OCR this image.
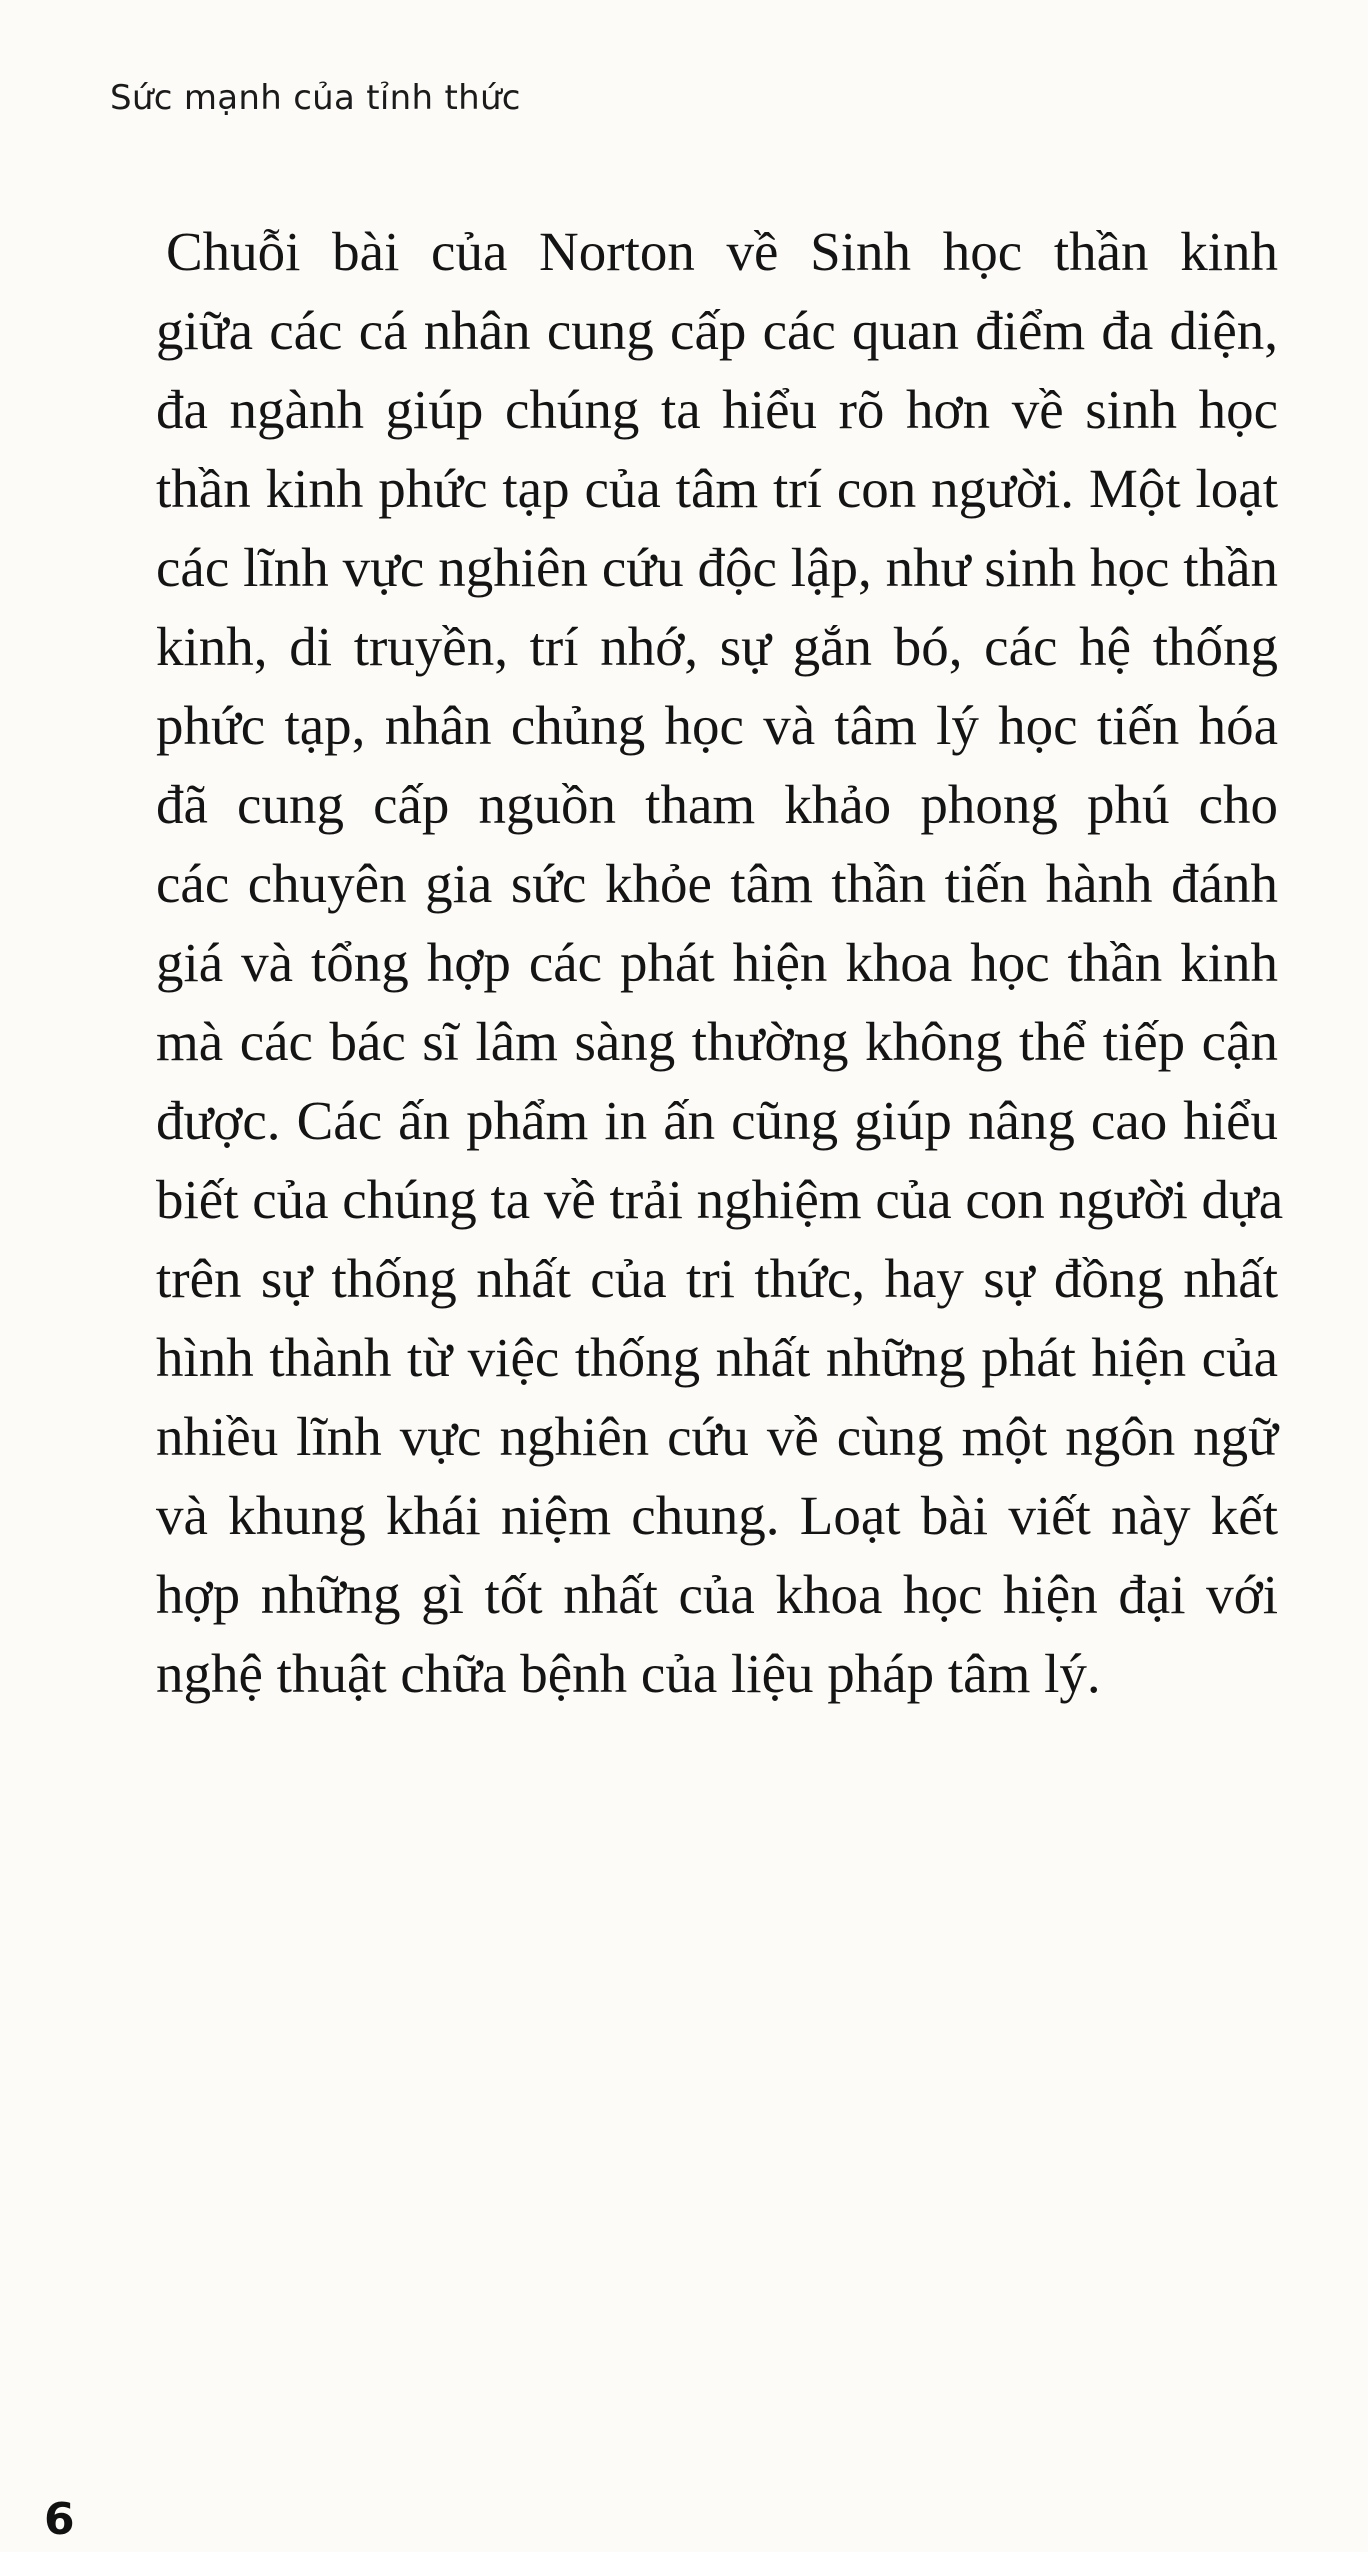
Sức mạnh của tỉnh thức
Chuỗi bài của Norton về Sinh học thần kinh
giữa các cá nhân cung cấp các quan điểm đa diện,
đa ngành giúp chúng ta hiểu rõ hơn về sinh học
thần kinh phức tạp của tâm trí con người. Một loạt
các lĩnh vực nghiên cứu độc lập, như sinh học thần
kinh, di truyền, trí nhớ, sự gắn bó, các hệ thống
phức tạp, nhân chủng học và tâm lý học tiến hóa
đã cung cấp nguồn tham khảo phong phú cho
các chuyên gia sức khỏe tâm thần tiến hành đánh
giá và tổng hợp các phát hiện khoa học thần kinh
mà các bác sĩ lâm sàng thường không thể tiếp cận
được. Các ấn phẩm in ấn cũng giúp nâng cao hiểu
biết của chúng ta về trải nghiệm của con người dựa
trên sự thống nhất của tri thức, hay sự đồng nhất
hình thành từ việc thống nhất những phát hiện của
nhiều lĩnh vực nghiên cứu về cùng một ngôn ngữ
và khung khái niệm chung. Loạt bài viết này kết
hợp những gì tốt nhất của khoa học hiện đại với
nghệ thuật chữa bệnh của liệu pháp tâm lý.
6
